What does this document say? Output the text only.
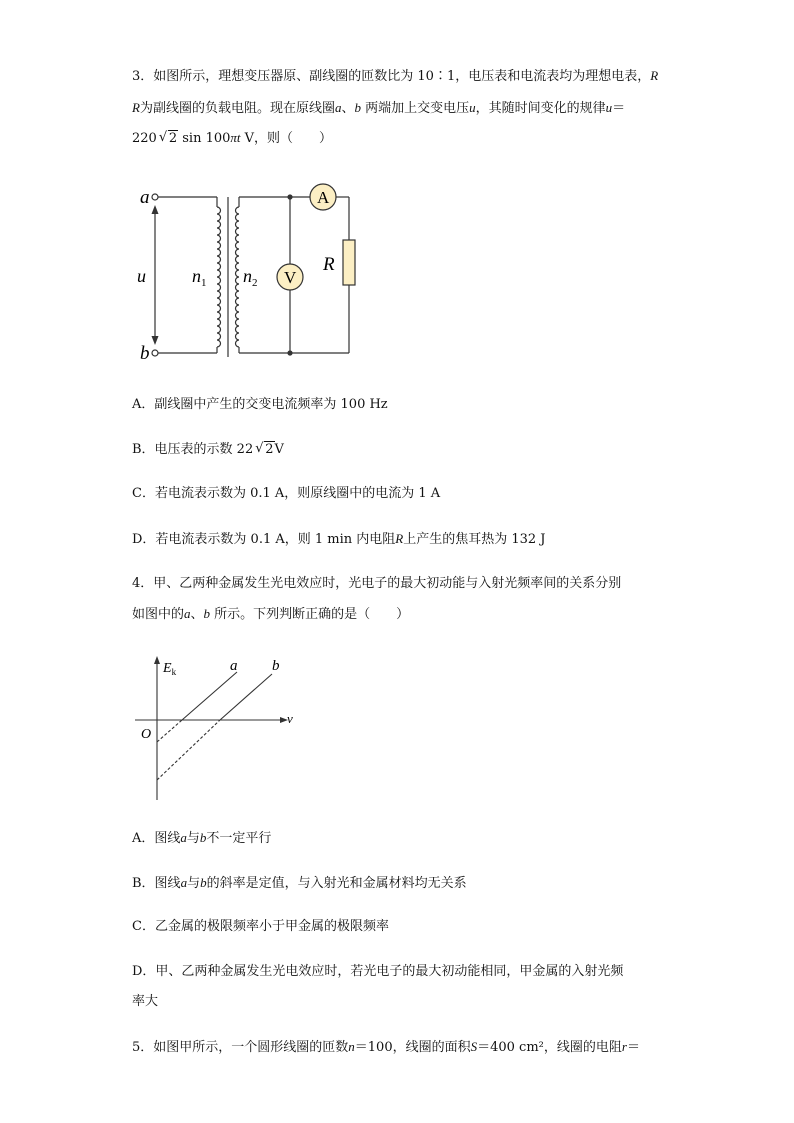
3．如图所示，理想变压器原、副线圈的匝数比为 10∶1，电压表和电流表均为理想电表，R
R为副线圈的负载电阻。现在原线圈a、b 两端加上交变电压u，其随时间变化的规律u＝
220 √ 2 sin 100πt V，则（　　）
a
b
u	$n_1$ $n_2$
R
A
V
A．副线圈中产生的交变电流频率为 100 Hz
B．电压表的示数 22 √ 2V
C．若电流表示数为 0.1 A，则原线圈中的电流为 1 A
D．若电流表示数为 0.1 A，则 1 min 内电阻R上产生的焦耳热为 132 J
4．甲、乙两种金属发生光电效应时，光电子的最大初动能与入射光频率间的关系分别
如图中的a、b 所示。下列判断正确的是（　　）
$E_k$
ν
O
a b
A．图线a与b不一定平行
B．图线a与b的斜率是定值，与入射光和金属材料均无关系
C．乙金属的极限频率小于甲金属的极限频率
D．甲、乙两种金属发生光电效应时，若光电子的最大初动能相同，甲金属的入射光频
率大
5．如图甲所示，一个圆形线圈的匝数n＝100，线圈的面积S＝400 cm²，线圈的电阻r＝
